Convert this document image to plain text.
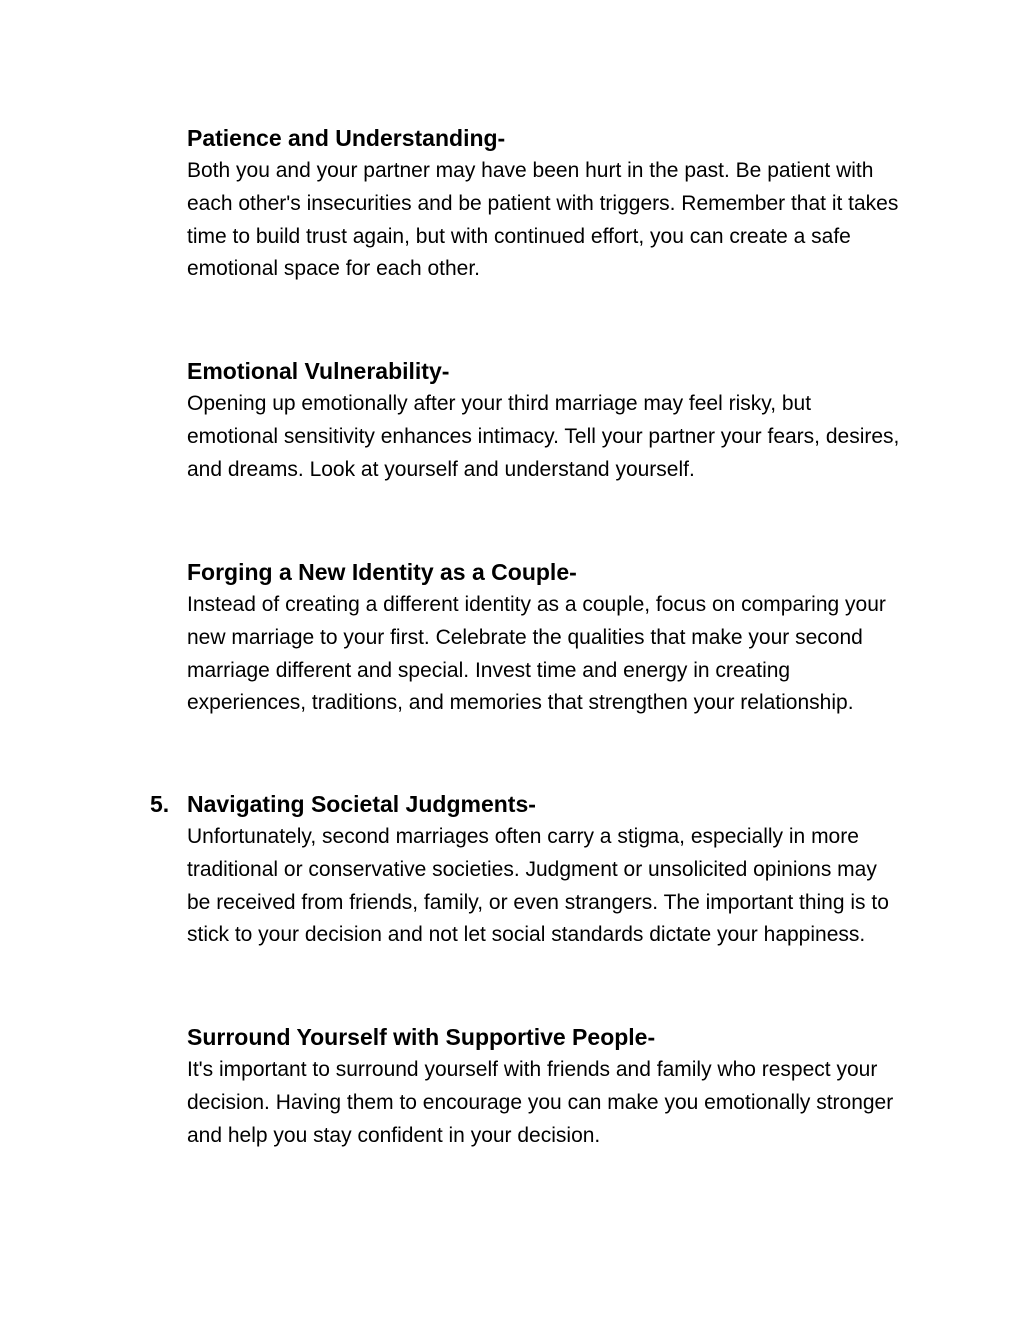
Patience and Understanding-
Both you and your partner may have been hurt in the past. Be patient with each other's insecurities and be patient with triggers. Remember that it takes time to build trust again, but with continued effort, you can create a safe emotional space for each other.
Emotional Vulnerability-
Opening up emotionally after your third marriage may feel risky, but emotional sensitivity enhances intimacy. Tell your partner your fears, desires, and dreams. Look at yourself and understand yourself.
Forging a New Identity as a Couple-
Instead of creating a different identity as a couple, focus on comparing your new marriage to your first. Celebrate the qualities that make your second marriage different and special. Invest time and energy in creating experiences, traditions, and memories that strengthen your relationship.
5. Navigating Societal Judgments-
Unfortunately, second marriages often carry a stigma, especially in more traditional or conservative societies. Judgment or unsolicited opinions may be received from friends, family, or even strangers. The important thing is to stick to your decision and not let social standards dictate your happiness.
Surround Yourself with Supportive People-
It's important to surround yourself with friends and family who respect your decision. Having them to encourage you can make you emotionally stronger and help you stay confident in your decision.
